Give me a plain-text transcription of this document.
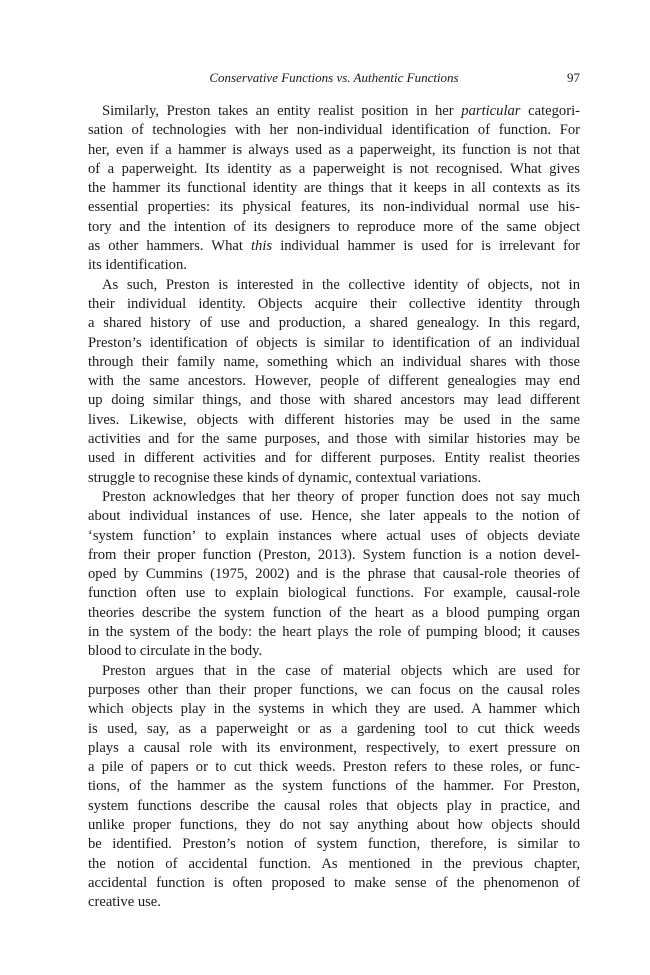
Conservative Functions vs. Authentic Functions	97
Similarly, Preston takes an entity realist position in her particular categori-
sation of technologies with her non-individual identification of function. For
her, even if a hammer is always used as a paperweight, its function is not that
of a paperweight. Its identity as a paperweight is not recognised. What gives
the hammer its functional identity are things that it keeps in all contexts as its
essential properties: its physical features, its non-individual normal use his-
tory and the intention of its designers to reproduce more of the same object
as other hammers. What this individual hammer is used for is irrelevant for
its identification.
As such, Preston is interested in the collective identity of objects, not in
their individual identity. Objects acquire their collective identity through
a shared history of use and production, a shared genealogy. In this regard,
Preston’s identification of objects is similar to identification of an individual
through their family name, something which an individual shares with those
with the same ancestors. However, people of different genealogies may end
up doing similar things, and those with shared ancestors may lead different
lives. Likewise, objects with different histories may be used in the same
activities and for the same purposes, and those with similar histories may be
used in different activities and for different purposes. Entity realist theories
struggle to recognise these kinds of dynamic, contextual variations.
Preston acknowledges that her theory of proper function does not say much
about individual instances of use. Hence, she later appeals to the notion of
‘system function’ to explain instances where actual uses of objects deviate
from their proper function (Preston, 2013). System function is a notion devel-
oped by Cummins (1975, 2002) and is the phrase that causal-role theories of
function often use to explain biological functions. For example, causal-role
theories describe the system function of the heart as a blood pumping organ
in the system of the body: the heart plays the role of pumping blood; it causes
blood to circulate in the body.
Preston argues that in the case of material objects which are used for
purposes other than their proper functions, we can focus on the causal roles
which objects play in the systems in which they are used. A hammer which
is used, say, as a paperweight or as a gardening tool to cut thick weeds
plays a causal role with its environment, respectively, to exert pressure on
a pile of papers or to cut thick weeds. Preston refers to these roles, or func-
tions, of the hammer as the system functions of the hammer. For Preston,
system functions describe the causal roles that objects play in practice, and
unlike proper functions, they do not say anything about how objects should
be identified. Preston’s notion of system function, therefore, is similar to
the notion of accidental function. As mentioned in the previous chapter,
accidental function is often proposed to make sense of the phenomenon of
creative use.
